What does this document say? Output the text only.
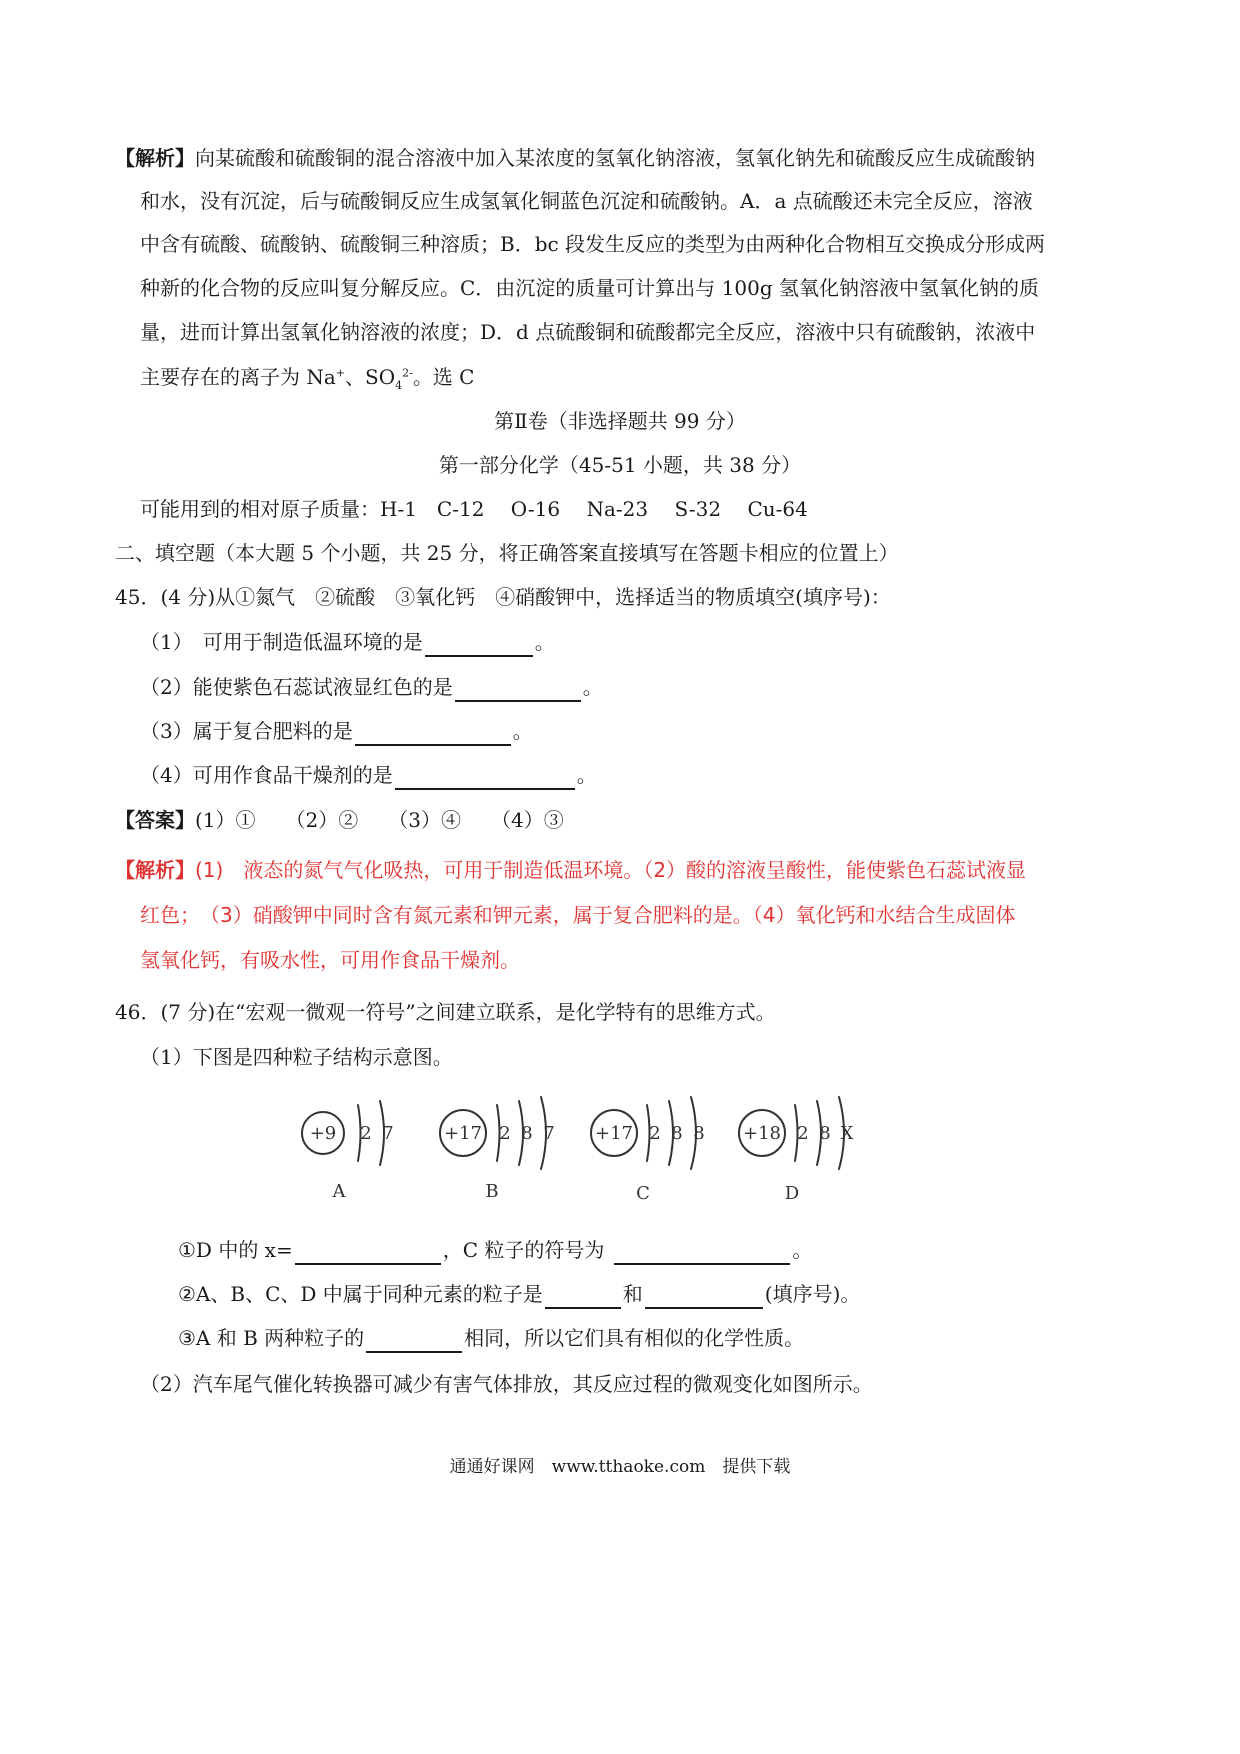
【解析】向某硫酸和硫酸铜的混合溶液中加入某浓度的氢氧化钠溶液，氢氧化钠先和硫酸反应生成硫酸钠
和水，没有沉淀，后与硫酸铜反应生成氢氧化铜蓝色沉淀和硫酸钠。A．a 点硫酸还未完全反应，溶液
中含有硫酸、硫酸钠、硫酸铜三种溶质；B．bc 段发生反应的类型为由两种化合物相互交换成分形成两
种新的化合物的反应叫复分解反应。C．由沉淀的质量可计算出与 100g 氢氧化钠溶液中氢氧化钠的质
量，进而计算出氢氧化钠溶液的浓度；D．d 点硫酸铜和硫酸都完全反应，溶液中只有硫酸钠，浓液中
主要存在的离子为 Na+、$SO_4^{2-}$。选 C
第Ⅱ卷（非选择题共 99 分）
第一部分化学（45-51 小题，共 38 分）
可能用到的相对原子质量：H-1　C-12　 O-16　 Na-23　 S-32　 Cu-64
二、填空题（本大题 5 个小题，共 25 分，将正确答案直接填写在答题卡相应的位置上）
45．(4 分)从①氮气　②硫酸　③氧化钙　④硝酸钾中，选择适当的物质填空(填序号)：
（1）　可用于制造低温环境的是	。
（2）能使紫色石蕊试液显红色的是	。
（3）属于复合肥料的是	。
（4）可用作食品干燥剂的是	。
【答案】(1）①　　（2）②　　（3）④　　（4）③
【解析】(1)　液态的氮气气化吸热，可用于制造低温环境。（2）酸的溶液呈酸性，能使紫色石蕊试液显
红色；　（3）硝酸钾中同时含有氮元素和钾元素，属于复合肥料的是。（4）氧化钙和水结合生成固体
氢氧化钙，有吸水性，可用作食品干燥剂。
46．(7 分)在“宏观一微观一符号”之间建立联系，是化学特有的思维方式。
（1）下图是四种粒子结构示意图。
+9 2 7
A
+17 2 8 7
B
+17 2 8 8
C
+18 2 8 X
D
①D 中的 x=	，C 粒子的符号为	。
②A、B、C、D 中属于同种元素的粒子是	和	(填序号)。
③A 和 B 两种粒子的	相同，所以它们具有相似的化学性质。
（2）汽车尾气催化转换器可减少有害气体排放，其反应过程的微观变化如图所示。
通通好课网　www.tthaoke.com　提供下载
